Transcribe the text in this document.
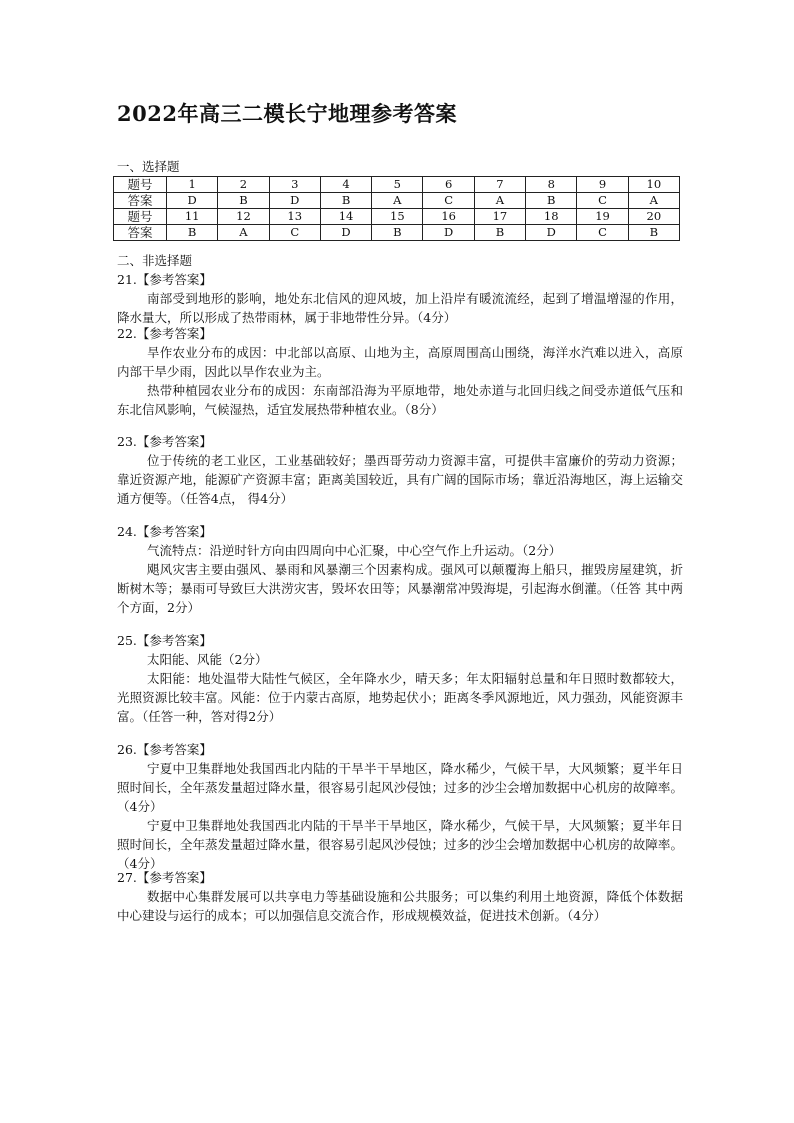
2022年高三二模长宁地理参考答案
一、选择题
题号	1	2	3	4	5	6	7	8	9	10
答案	D	B	D	B	A	C	A	B	C	A
题号	11	12	13	14	15	16	17	18	19	20
答案	B	A	C	D	B	D	B	D	C	B
二、非选择题
21.【参考答案】
南部受到地形的影响，地处东北信风的迎风坡，加上沿岸有暖流流经，起到了增温增湿的作用，降水量大，所以形成了热带雨林，属于非地带性分异。（4分）
22.【参考答案】
旱作农业分布的成因：中北部以高原、山地为主，高原周围高山围绕，海洋水汽难以进入，高原内部干旱少雨，因此以旱作农业为主。
热带种植园农业分布的成因：东南部沿海为平原地带，地处赤道与北回归线之间受赤道低气压和东北信风影响，气候湿热，适宜发展热带种植农业。（8分）
23.【参考答案】
位于传统的老工业区，工业基础较好；墨西哥劳动力资源丰富，可提供丰富廉价的劳动力资源；靠近资源产地，能源矿产资源丰富；距离美国较近，具有广阔的国际市场；靠近沿海地区，海上运输交通方便等。（任答4点， 得4分）
24.【参考答案】
气流特点：沿逆时针方向由四周向中心汇聚，中心空气作上升运动。（2分）
飓风灾害主要由强风、暴雨和风暴潮三个因素构成。强风可以颠覆海上船只，摧毁房屋建筑，折断树木等；暴雨可导致巨大洪涝灾害，毁坏农田等；风暴潮常冲毁海堤，引起海水倒灌。（任答 其中两个方面，2分）
25.【参考答案】
太阳能、风能（2分）
太阳能：地处温带大陆性气候区，全年降水少，晴天多；年太阳辐射总量和年日照时数都较大，光照资源比较丰富。风能：位于内蒙古高原，地势起伏小；距离冬季风源地近，风力强劲，风能资源丰富。（任答一种，答对得2分）
26.【参考答案】
宁夏中卫集群地处我国西北内陆的干旱半干旱地区，降水稀少，气候干旱，大风频繁；夏半年日照时间长，全年蒸发量超过降水量，很容易引起风沙侵蚀；过多的沙尘会增加数据中心机房的故障率。（4分）
宁夏中卫集群地处我国西北内陆的干旱半干旱地区，降水稀少，气候干旱，大风频繁；夏半年日照时间长，全年蒸发量超过降水量，很容易引起风沙侵蚀；过多的沙尘会增加数据中心机房的故障率。（4分）
27.【参考答案】
数据中心集群发展可以共享电力等基础设施和公共服务；可以集约利用土地资源，降低个体数据中心建设与运行的成本；可以加强信息交流合作，形成规模效益，促进技术创新。（4分）
